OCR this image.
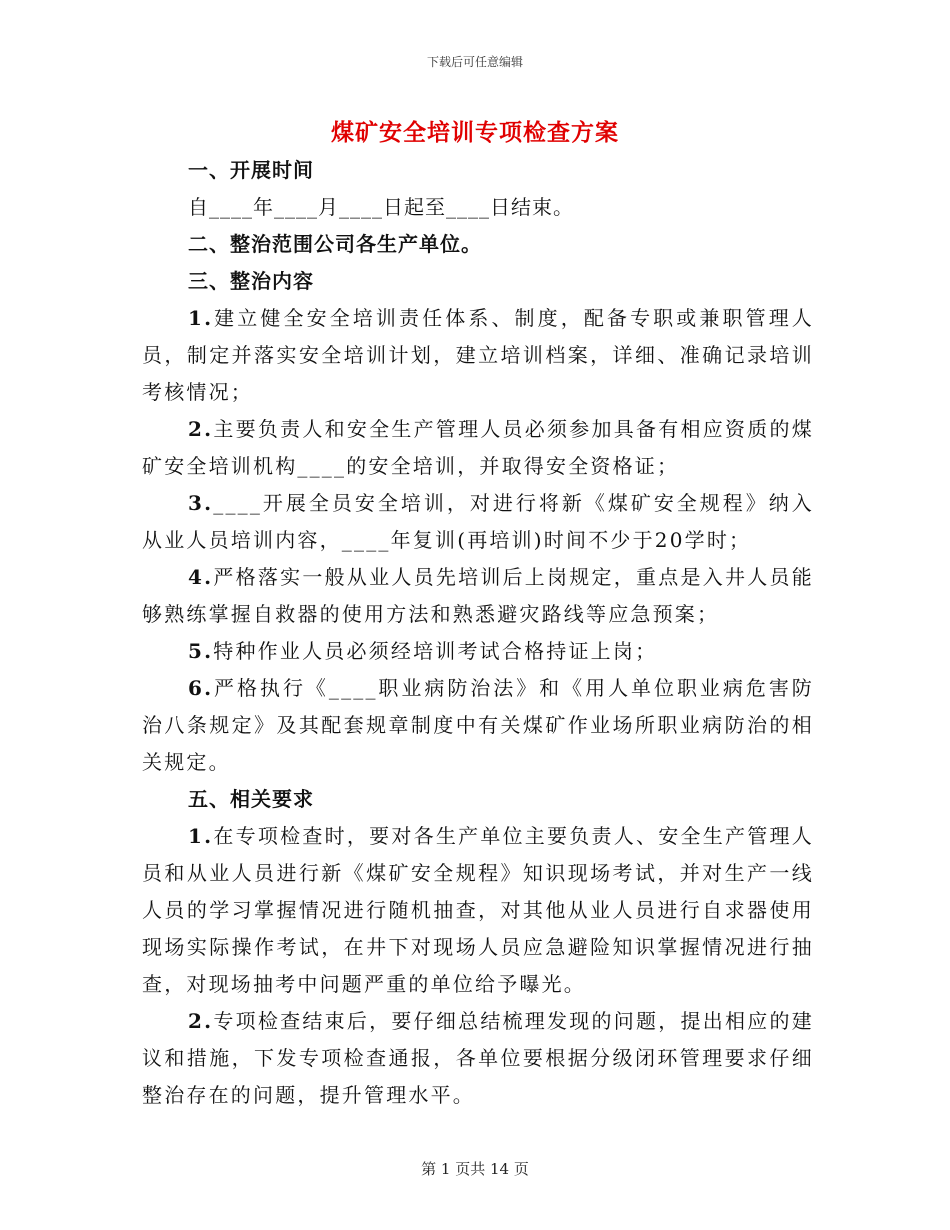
下载后可任意编辑
煤矿安全培训专项检查方案
一、开展时间
自____年____月____日起至____日结束。
二、整治范围公司各生产单位。
三、整治内容

1.建立健全安全培训责任体系、制度，配备专职或兼职管理人员，制定并落实安全培训计划，建立培训档案，详细、准确记录培训考核情况；

2.主要负责人和安全生产管理人员必须参加具备有相应资质的煤矿安全培训机构____的安全培训，并取得安全资格证；

3.____开展全员安全培训，对进行将新《煤矿安全规程》纳入从业人员培训内容，____年复训(再培训)时间不少于20学时；

4.严格落实一般从业人员先培训后上岗规定，重点是入井人员能够熟练掌握自救器的使用方法和熟悉避灾路线等应急预案；

5.特种作业人员必须经培训考试合格持证上岗；

6.严格执行《____职业病防治法》和《用人单位职业病危害防治八条规定》及其配套规章制度中有关煤矿作业场所职业病防治的相关规定。

五、相关要求

1.在专项检查时，要对各生产单位主要负责人、安全生产管理人员和从业人员进行新《煤矿安全规程》知识现场考试，并对生产一线人员的学习掌握情况进行随机抽查，对其他从业人员进行自求器使用现场实际操作考试，在井下对现场人员应急避险知识掌握情况进行抽查，对现场抽考中问题严重的单位给予曝光。

2.专项检查结束后，要仔细总结梳理发现的问题，提出相应的建议和措施，下发专项检查通报，各单位要根据分级闭环管理要求仔细整治存在的问题，提升管理水平。

第 1 页共 14 页
